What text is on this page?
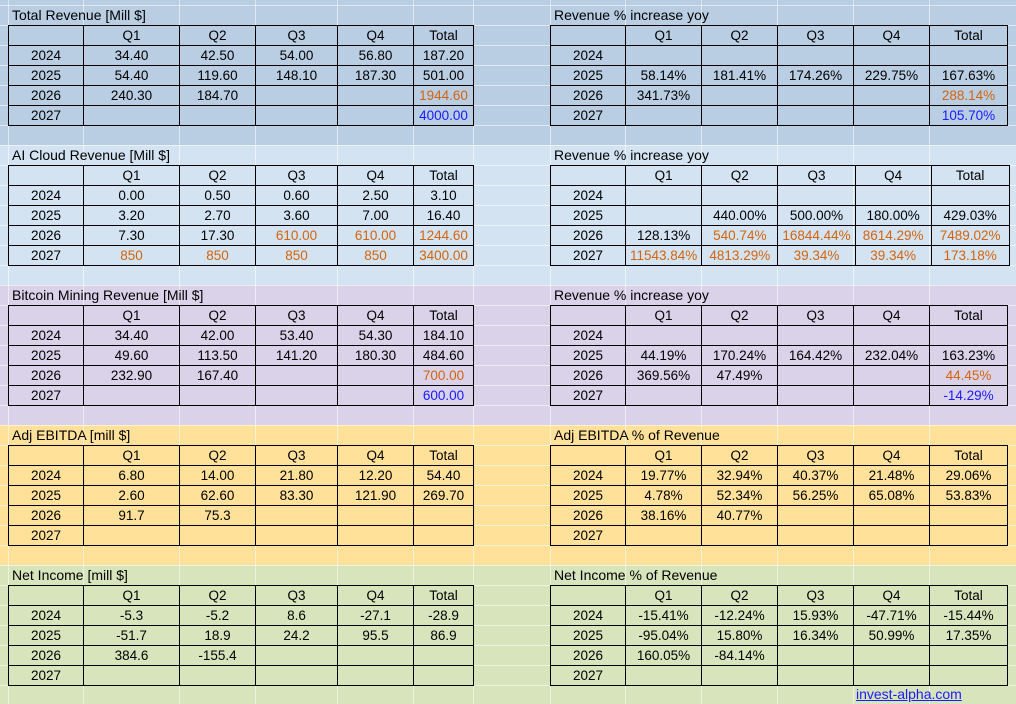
Total Revenue [Mill $]
	Q1	Q2	Q3	Q4	Total
2024	34.40	42.50	54.00	56.80	187.20
2025	54.40	119.60	148.10	187.30	501.00
2026	240.30	184.70			1944.60
2027					4000.00
Revenue % increase yoy
	Q1	Q2	Q3	Q4	Total
2024					
2025	58.14%	181.41%	174.26%	229.75%	167.63%
2026	341.73%				288.14%
2027					105.70%
AI Cloud Revenue [Mill $]
	Q1	Q2	Q3	Q4	Total
2024	0.00	0.50	0.60	2.50	3.10
2025	3.20	2.70	3.60	7.00	16.40
2026	7.30	17.30	610.00	610.00	1244.60
2027	850	850	850	850	3400.00
Revenue % increase yoy
	Q1	Q2	Q3	Q4	Total
2024					
2025		440.00%	500.00%	180.00%	429.03%
2026	128.13%	540.74%	16844.44%	8614.29%	7489.02%
2027	11543.84%	4813.29%	39.34%	39.34%	173.18%
Bitcoin Mining Revenue [Mill $]
	Q1	Q2	Q3	Q4	Total
2024	34.40	42.00	53.40	54.30	184.10
2025	49.60	113.50	141.20	180.30	484.60
2026	232.90	167.40			700.00
2027					600.00
Revenue % increase yoy
	Q1	Q2	Q3	Q4	Total
2024					
2025	44.19%	170.24%	164.42%	232.04%	163.23%
2026	369.56%	47.49%			44.45%
2027					-14.29%
Adj EBITDA [mill $]
	Q1	Q2	Q3	Q4	Total
2024	6.80	14.00	21.80	12.20	54.40
2025	2.60	62.60	83.30	121.90	269.70
2026	91.7	75.3			
2027					
Adj EBITDA % of Revenue
	Q1	Q2	Q3	Q4	Total
2024	19.77%	32.94%	40.37%	21.48%	29.06%
2025	4.78%	52.34%	56.25%	65.08%	53.83%
2026	38.16%	40.77%			
2027					
Net Income [mill $]
	Q1	Q2	Q3	Q4	Total
2024	-5.3	-5.2	8.6	-27.1	-28.9
2025	-51.7	18.9	24.2	95.5	86.9
2026	384.6	-155.4			
2027					
Net Income % of Revenue
	Q1	Q2	Q3	Q4	Total
2024	-15.41%	-12.24%	15.93%	-47.71%	-15.44%
2025	-95.04%	15.80%	16.34%	50.99%	17.35%
2026	160.05%	-84.14%			
2027					
invest-alpha.com
